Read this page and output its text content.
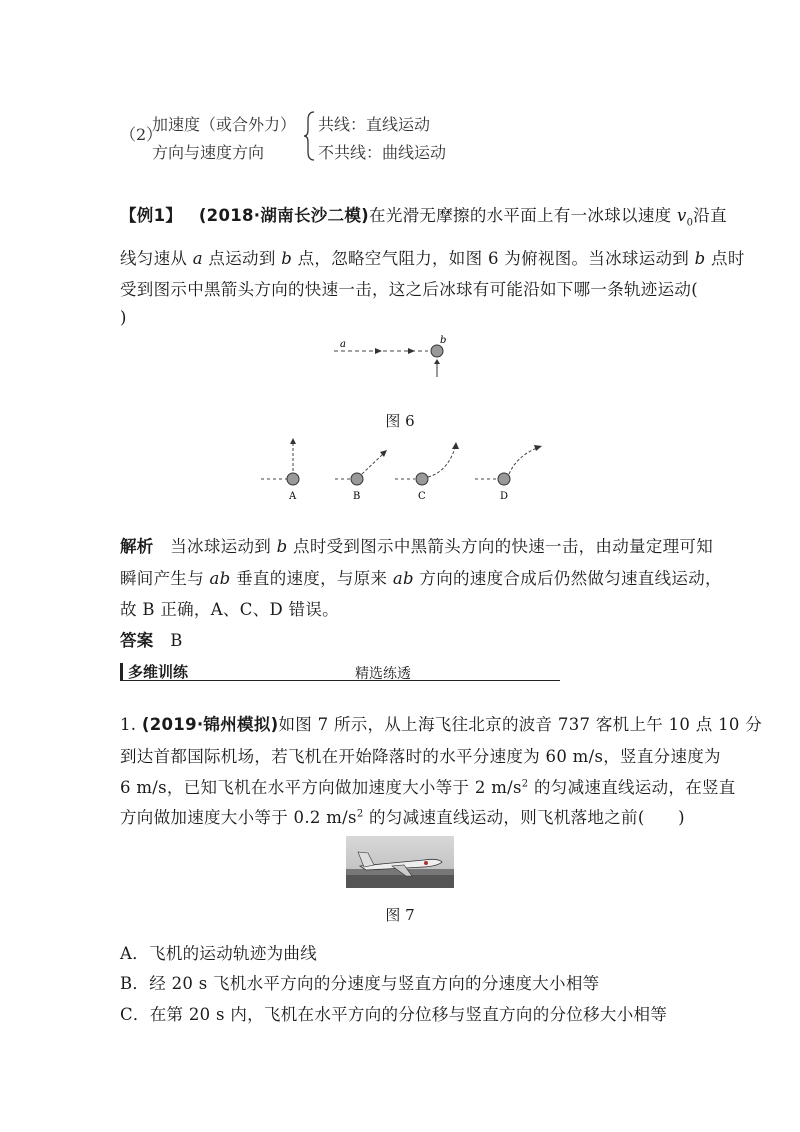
（2）
加速度（或合外力）
方向与速度方向
共线：直线运动
不共线：曲线运动
【例1】 (2018·湖南长沙二模)在光滑无摩擦的水平面上有一冰球以速度 $v_0$沿直
线匀速从 a 点运动到 b 点，忽略空气阻力，如图 6 为俯视图。当冰球运动到 b 点时
受到图示中黑箭头方向的快速一击，这之后冰球有可能沿如下哪一条轨迹运动(
)
a	b
图 6
A	B	C	D
解析 当冰球运动到 b 点时受到图示中黑箭头方向的快速一击，由动量定理可知
瞬间产生与 ab 垂直的速度，与原来 ab 方向的速度合成后仍然做匀速直线运动，
故 B 正确，A、C、D 错误。
答案 B
多维训练	精选练透
1. (2019·锦州模拟)如图 7 所示，从上海飞往北京的波音 737 客机上午 10 点 10 分
到达首都国际机场，若飞机在开始降落时的水平分速度为 60 m/s，竖直分速度为
6 m/s，已知飞机在水平方向做加速度大小等于 2 $m/s^2$ 的匀减速直线运动，在竖直
方向做加速度大小等于 0.2 $m/s^2$ 的匀减速直线运动，则飞机落地之前(　　)
图 7
A．飞机的运动轨迹为曲线
B．经 20 s 飞机水平方向的分速度与竖直方向的分速度大小相等
C．在第 20 s 内，飞机在水平方向的分位移与竖直方向的分位移大小相等
